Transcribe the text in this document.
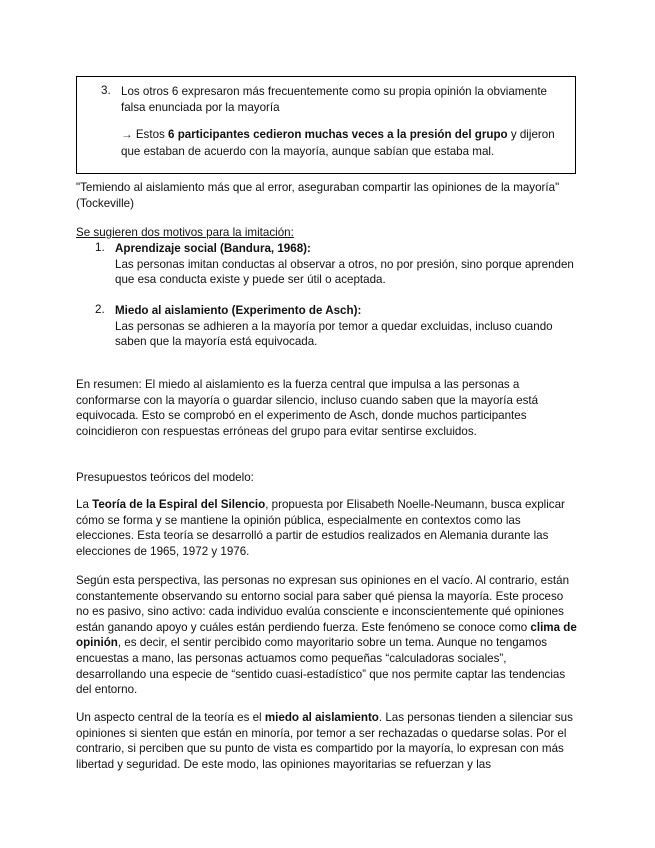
3. Los otros 6 expresaron más frecuentemente como su propia opinión la obviamente falsa enunciada por la mayoría
→ Estos 6 participantes cedieron muchas veces a la presión del grupo y dijeron que estaban de acuerdo con la mayoría, aunque sabían que estaba mal.
"Temiendo al aislamiento más que al error, aseguraban compartir las opiniones de la mayoría" (Tockeville)
Se sugieren dos motivos para la imitación:
1. Aprendizaje social (Bandura, 1968):
Las personas imitan conductas al observar a otros, no por presión, sino porque aprenden que esa conducta existe y puede ser útil o aceptada.
2. Miedo al aislamiento (Experimento de Asch):
Las personas se adhieren a la mayoría por temor a quedar excluidas, incluso cuando saben que la mayoría está equivocada.
En resumen: El miedo al aislamiento es la fuerza central que impulsa a las personas a conformarse con la mayoría o guardar silencio, incluso cuando saben que la mayoría está equivocada. Esto se comprobó en el experimento de Asch, donde muchos participantes coincidieron con respuestas erróneas del grupo para evitar sentirse excluidos.
Presupuestos teóricos del modelo:
La Teoría de la Espiral del Silencio, propuesta por Elisabeth Noelle-Neumann, busca explicar cómo se forma y se mantiene la opinión pública, especialmente en contextos como las elecciones. Esta teoría se desarrolló a partir de estudios realizados en Alemania durante las elecciones de 1965, 1972 y 1976.
Según esta perspectiva, las personas no expresan sus opiniones en el vacío. Al contrario, están constantemente observando su entorno social para saber qué piensa la mayoría. Este proceso no es pasivo, sino activo: cada individuo evalúa consciente e inconscientemente qué opiniones están ganando apoyo y cuáles están perdiendo fuerza. Este fenómeno se conoce como clima de opinión, es decir, el sentir percibido como mayoritario sobre un tema. Aunque no tengamos encuestas a mano, las personas actuamos como pequeñas “calculadoras sociales”, desarrollando una especie de “sentido cuasi-estadístico” que nos permite captar las tendencias del entorno.
Un aspecto central de la teoría es el miedo al aislamiento. Las personas tienden a silenciar sus opiniones si sienten que están en minoría, por temor a ser rechazadas o quedarse solas. Por el contrario, si perciben que su punto de vista es compartido por la mayoría, lo expresan con más libertad y seguridad. De este modo, las opiniones mayoritarias se refuerzan y las
